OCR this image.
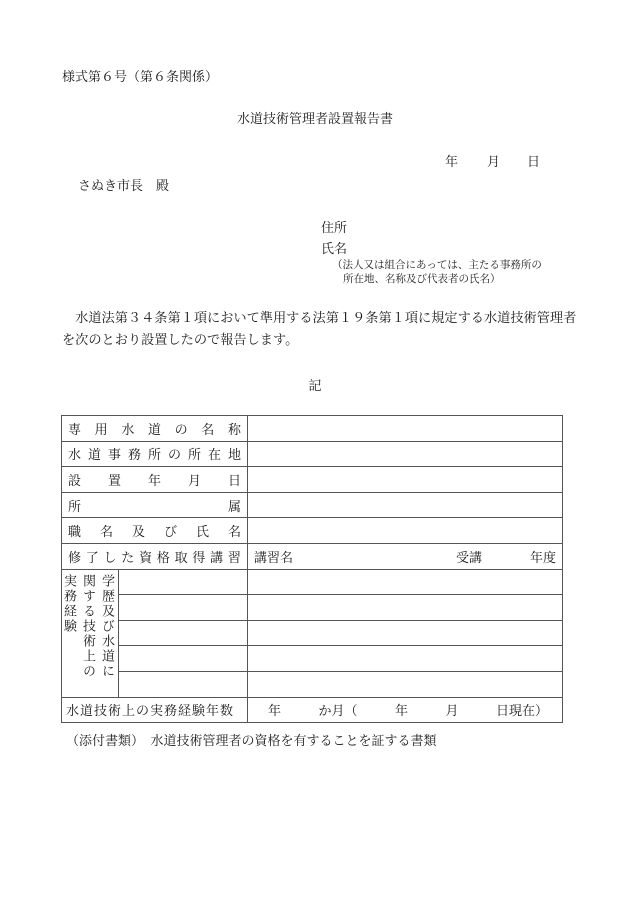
様式第６号（第６条関係）
水道技術管理者設置報告書
年 月 日
さぬき市長　殿
住所
氏名
（法人又は組合にあっては、主たる事務所の
所在地、名称及び代表者の氏名）
　水道法第３４条第１項において準用する法第１９条第１項に規定する水道技術管理者を次のとおり設置したので報告します。
記
専 用 水 道 の 名 称

水 道 事 務 所 の 所 在 地

設 置 年 月 日		

所 属		

職 名 及 び 氏 名

修 了 し た 資 格 取 得 講 習	講習名	受講	年度

学歴及び水道に関する技術上の実務経験		

水道技術上の実務経験年数		年 か月（ 年 月 日現在）
（添付書類）　水道技術管理者の資格を有することを証する書類
